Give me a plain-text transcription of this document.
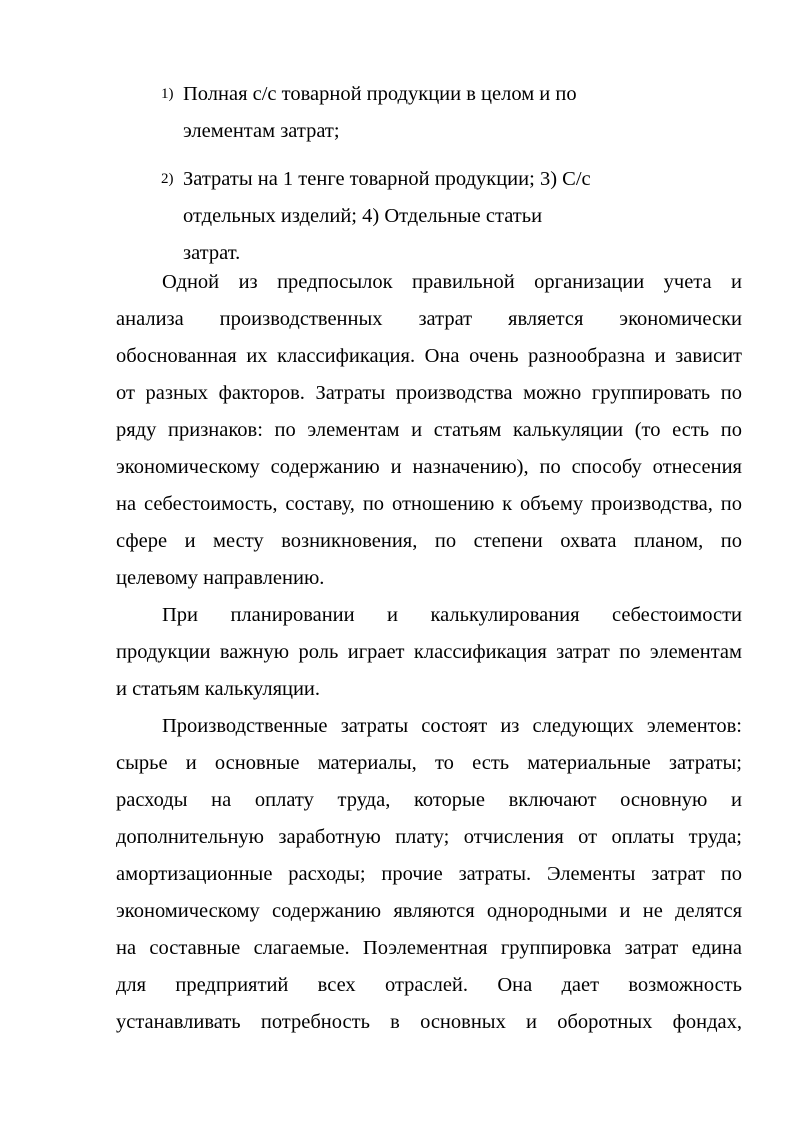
1) Полная с/с товарной продукции в целом и по
элементам затрат;
2) Затраты на 1 тенге товарной продукции; 3) С/с
отдельных изделий; 4) Отдельные статьи
затрат.

Одной из предпосылок правильной организации учета и
анализа производственных затрат является экономически
обоснованная их классификация. Она очень разнообразна и зависит
от разных факторов. Затраты производства можно группировать по
ряду признаков: по элементам и статьям калькуляции (то есть по
экономическому содержанию и назначению), по способу отнесения
на себестоимость, составу, по отношению к объему производства, по
сфере и месту возникновения, по степени охвата планом, по
целевому направлению.

При планировании и калькулирования себестоимости
продукции важную роль играет классификация затрат по элементам
и статьям калькуляции.

Производственные затраты состоят из следующих элементов:
сырье и основные материалы, то есть материальные затраты;
расходы на оплату труда, которые включают основную и
дополнительную заработную плату; отчисления от оплаты труда;
амортизационные расходы; прочие затраты. Элементы затрат по
экономическому содержанию являются однородными и не делятся
на составные слагаемые. Поэлементная группировка затрат едина
для предприятий всех отраслей. Она дает возможность
устанавливать потребность в основных и оборотных фондах,
